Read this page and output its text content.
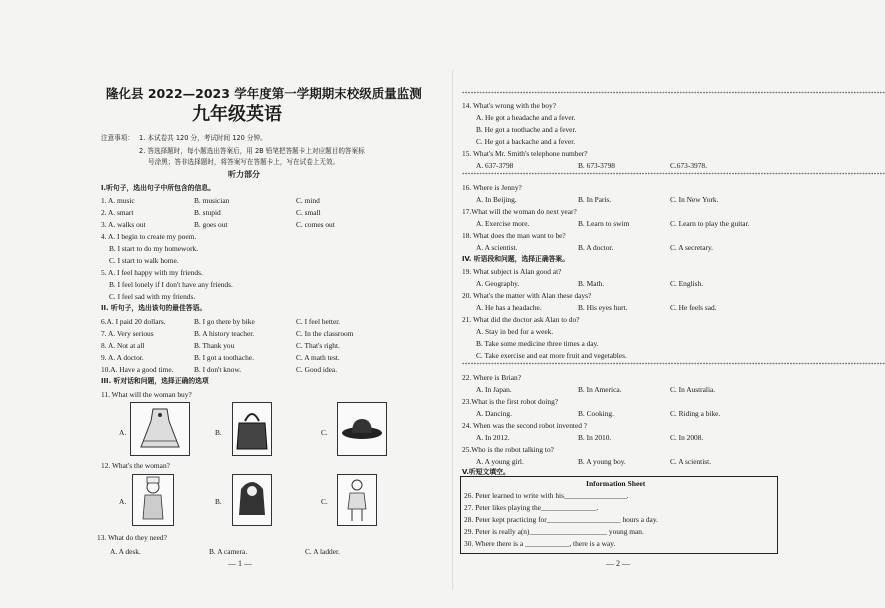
隆化县 2022—2023 学年度第一学期期末校级质量监测
九年级英语
注意事项： 1. 本试卷共 120 分，考试时间 120 分钟。
2. 答选择题时，每小题选出答案后，用 2B 铅笔把答题卡上对应题目的答案标
号涂黑；答非选择题时，将答案写在答题卡上，写在试卷上无效。
听力部分
I.听句子，选出句子中所包含的信息。
1. A. music	B. musician	C. mind
2. A. smart	B. stupid	C. small
3. A. walks out	B. goes out	C. comes out
4. A. I begin to create my poem.
B. I start to do my homework.
C. I start to walk home.
5. A. I feel happy with my friends.
B. I feel lonely if I don't have any friends.
C. I feel sad with my friends.
II. 听句子，选出该句的最佳答语。
6.A. I paid 20 dollars.	B. I go there by bike	C. I feel better.
7. A. Very serious	B. A history teacher.	C. In the classroom
8. A. Not at all	B. Thank you	C. That's right.
9. A. A doctor.	B. I got a toothache.	C. A math test.
10.A. Have a good time.	B. I don't know.	C. Good idea.
III. 听对话和问题，选择正确的选项
11. What will the woman buy?
A.	B.	C.
12. What's the woman?
A.	B.	C.
13. What do they need?
A. A desk.	B. A camera.	C. A ladder.
— 1 —
**************************************************************************************************************************************************
14. What's wrong with the boy?
A. He got a headache and a fever.
B. He got a toothache and a fever.
C. He got a backache and a fever.
15. What's Mr. Smith's telephone number?
A. 637-3798	B. 673-3798	C.673-3978.
**************************************************************************************************************************************************
16. Where is Jenny?
A. In Beijing.	B. In Paris.	C. In New York.
17.What will the woman do next year?
A. Exercise more.	B. Learn to swim	C. Learn to play the guitar.
18. What does the man want to be?
A. A scientist.	B. A doctor.	C. A secretary.
IV. 听语段和问题，选择正确答案。
19. What subject is Alan good at?
A. Geography.	B. Math.	C. English.
20. What's the matter with Alan these days?
A. He has a headache.	B. His eyes hurt.	C. He feels sad.
21. What did the doctor ask Alan to do?
A. Stay in bed for a week.
B. Take some medicine three times a day.
C. Take exercise and eat more fruit and vegetables.
**************************************************************************************************************************************************
22. Where is Brian?
A. In Japan.	B. In America.	C. In Australia.
23.What is the first robot doing?
A. Dancing.	B. Cooking.	C. Riding a bike.
24. When was the second robot invented ?
A. In 2012.	B. In 2010.	C. In 2008.
25.Who is the robot talking to?
A. A young girl.	B. A young boy.	C. A scientist.
V.听短文填空。
Information Sheet
26. Peter learned to write with his_________________.
27. Peter likes playing the_______________.
28. Peter kept practicing for____________________ hours a day.
29. Peter is really a(n)_____________________ young man.
30. Where there is a ____________, there is a way.
— 2 —
